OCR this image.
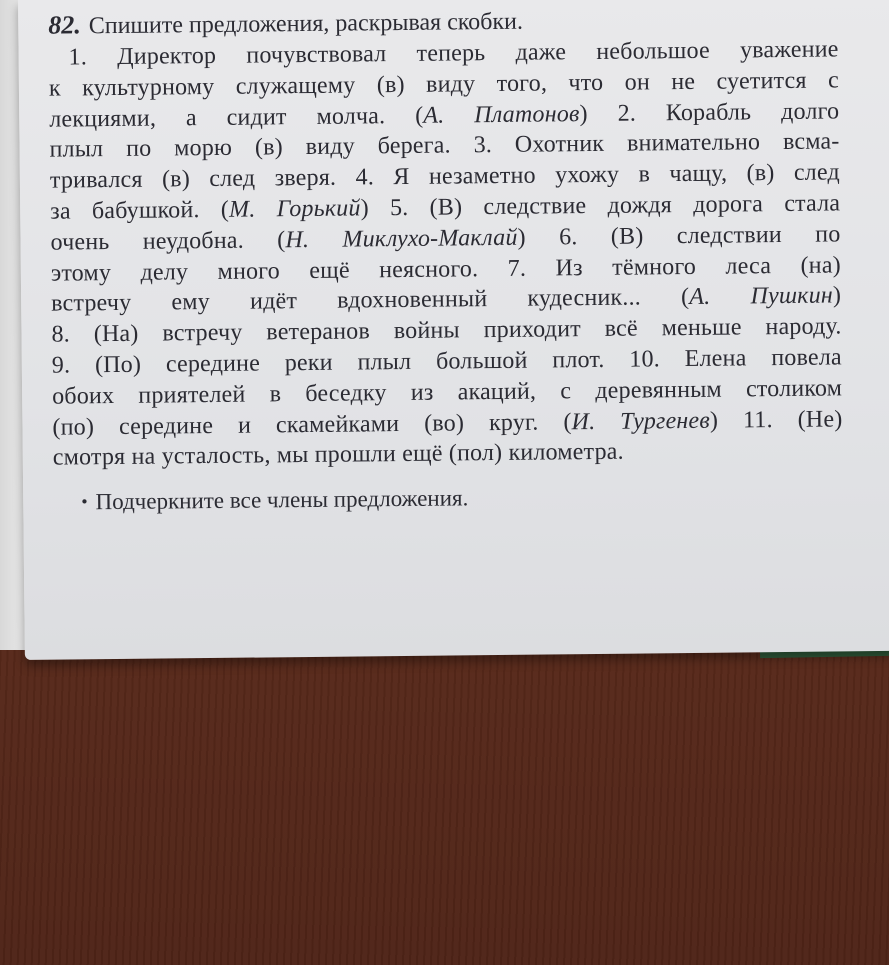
82. Спишите предложения, раскрывая скобки.
1. Директор почувствовал теперь даже небольшое уважение
к культурному служащему (в) виду того, что он не суетится с
лекциями, а сидит молча. (А. Платонов) 2. Корабль долго
плыл по морю (в) виду берега. 3. Охотник внимательно всма-
тривался (в) след зверя. 4. Я незаметно ухожу в чащу, (в) след
за бабушкой. (М. Горький) 5. (В) следствие дождя дорога стала
очень неудобна. (Н. Миклухо-Маклай) 6. (В) следствии по
этому делу много ещё неясного. 7. Из тёмного леса (на)
встречу ему идёт вдохновенный кудесник... (А. Пушкин)
8. (На) встречу ветеранов войны приходит всё меньше народу.
9. (По) середине реки плыл большой плот. 10. Елена повела
обоих приятелей в беседку из акаций, с деревянным столиком
(по) середине и скамейками (во) круг. (И. Тургенев) 11. (Не)
смотря на усталость, мы прошли ещё (пол) километра.
• Подчеркните все члены предложения.
